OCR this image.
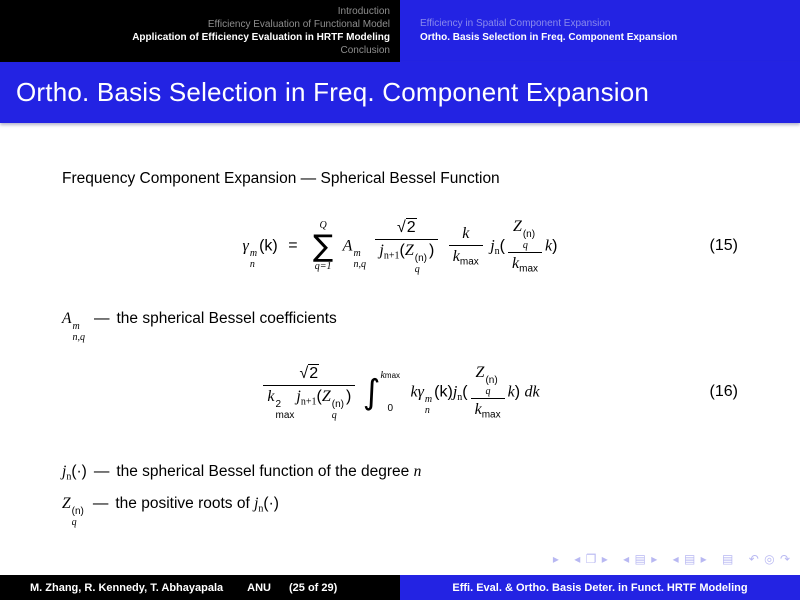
Introduction
Efficiency Evaluation of Functional Model
Application of Efficiency Evaluation in HRTF Modeling
Conclusion
Efficiency in Spatial Component Expansion
Ortho. Basis Selection in Freq. Component Expansion
Ortho. Basis Selection in Freq. Component Expansion
Frequency Component Expansion — Spherical Bessel Function
γ m
n
(k) =
Q
∑
q=1
A m
n,q
√2
$j_{n+1}(Z$ (n)
q
)
$\frac{k}{k_{max}} j_n$( Z (n)
q
$k_{max}$ k)	(15)
A m
n,q
— the spherical Bessel coefficients
√2
k 2
max
$j_{n+1}(Z$ (n)
q
) ∫ kmax
0
kγ m
n
$(k)j_n$( Z (n)
q
$k_{max}$ k) dk	(16)
$j_n(\cdot)$ — the spherical Bessel function of the degree n
Z (n)
q
— the positive roots of $j_n(\cdot)$
▸ ◂ ❐ ▸ ◂ ▤ ▸ ◂ ▤ ▸ ▤ ↶ ◎ ↷
M. Zhang, R. Kennedy, T. Abhayapala ANU (25 of 29)	Effi. Eval. & Ortho. Basis Deter. in Funct. HRTF Modeling
